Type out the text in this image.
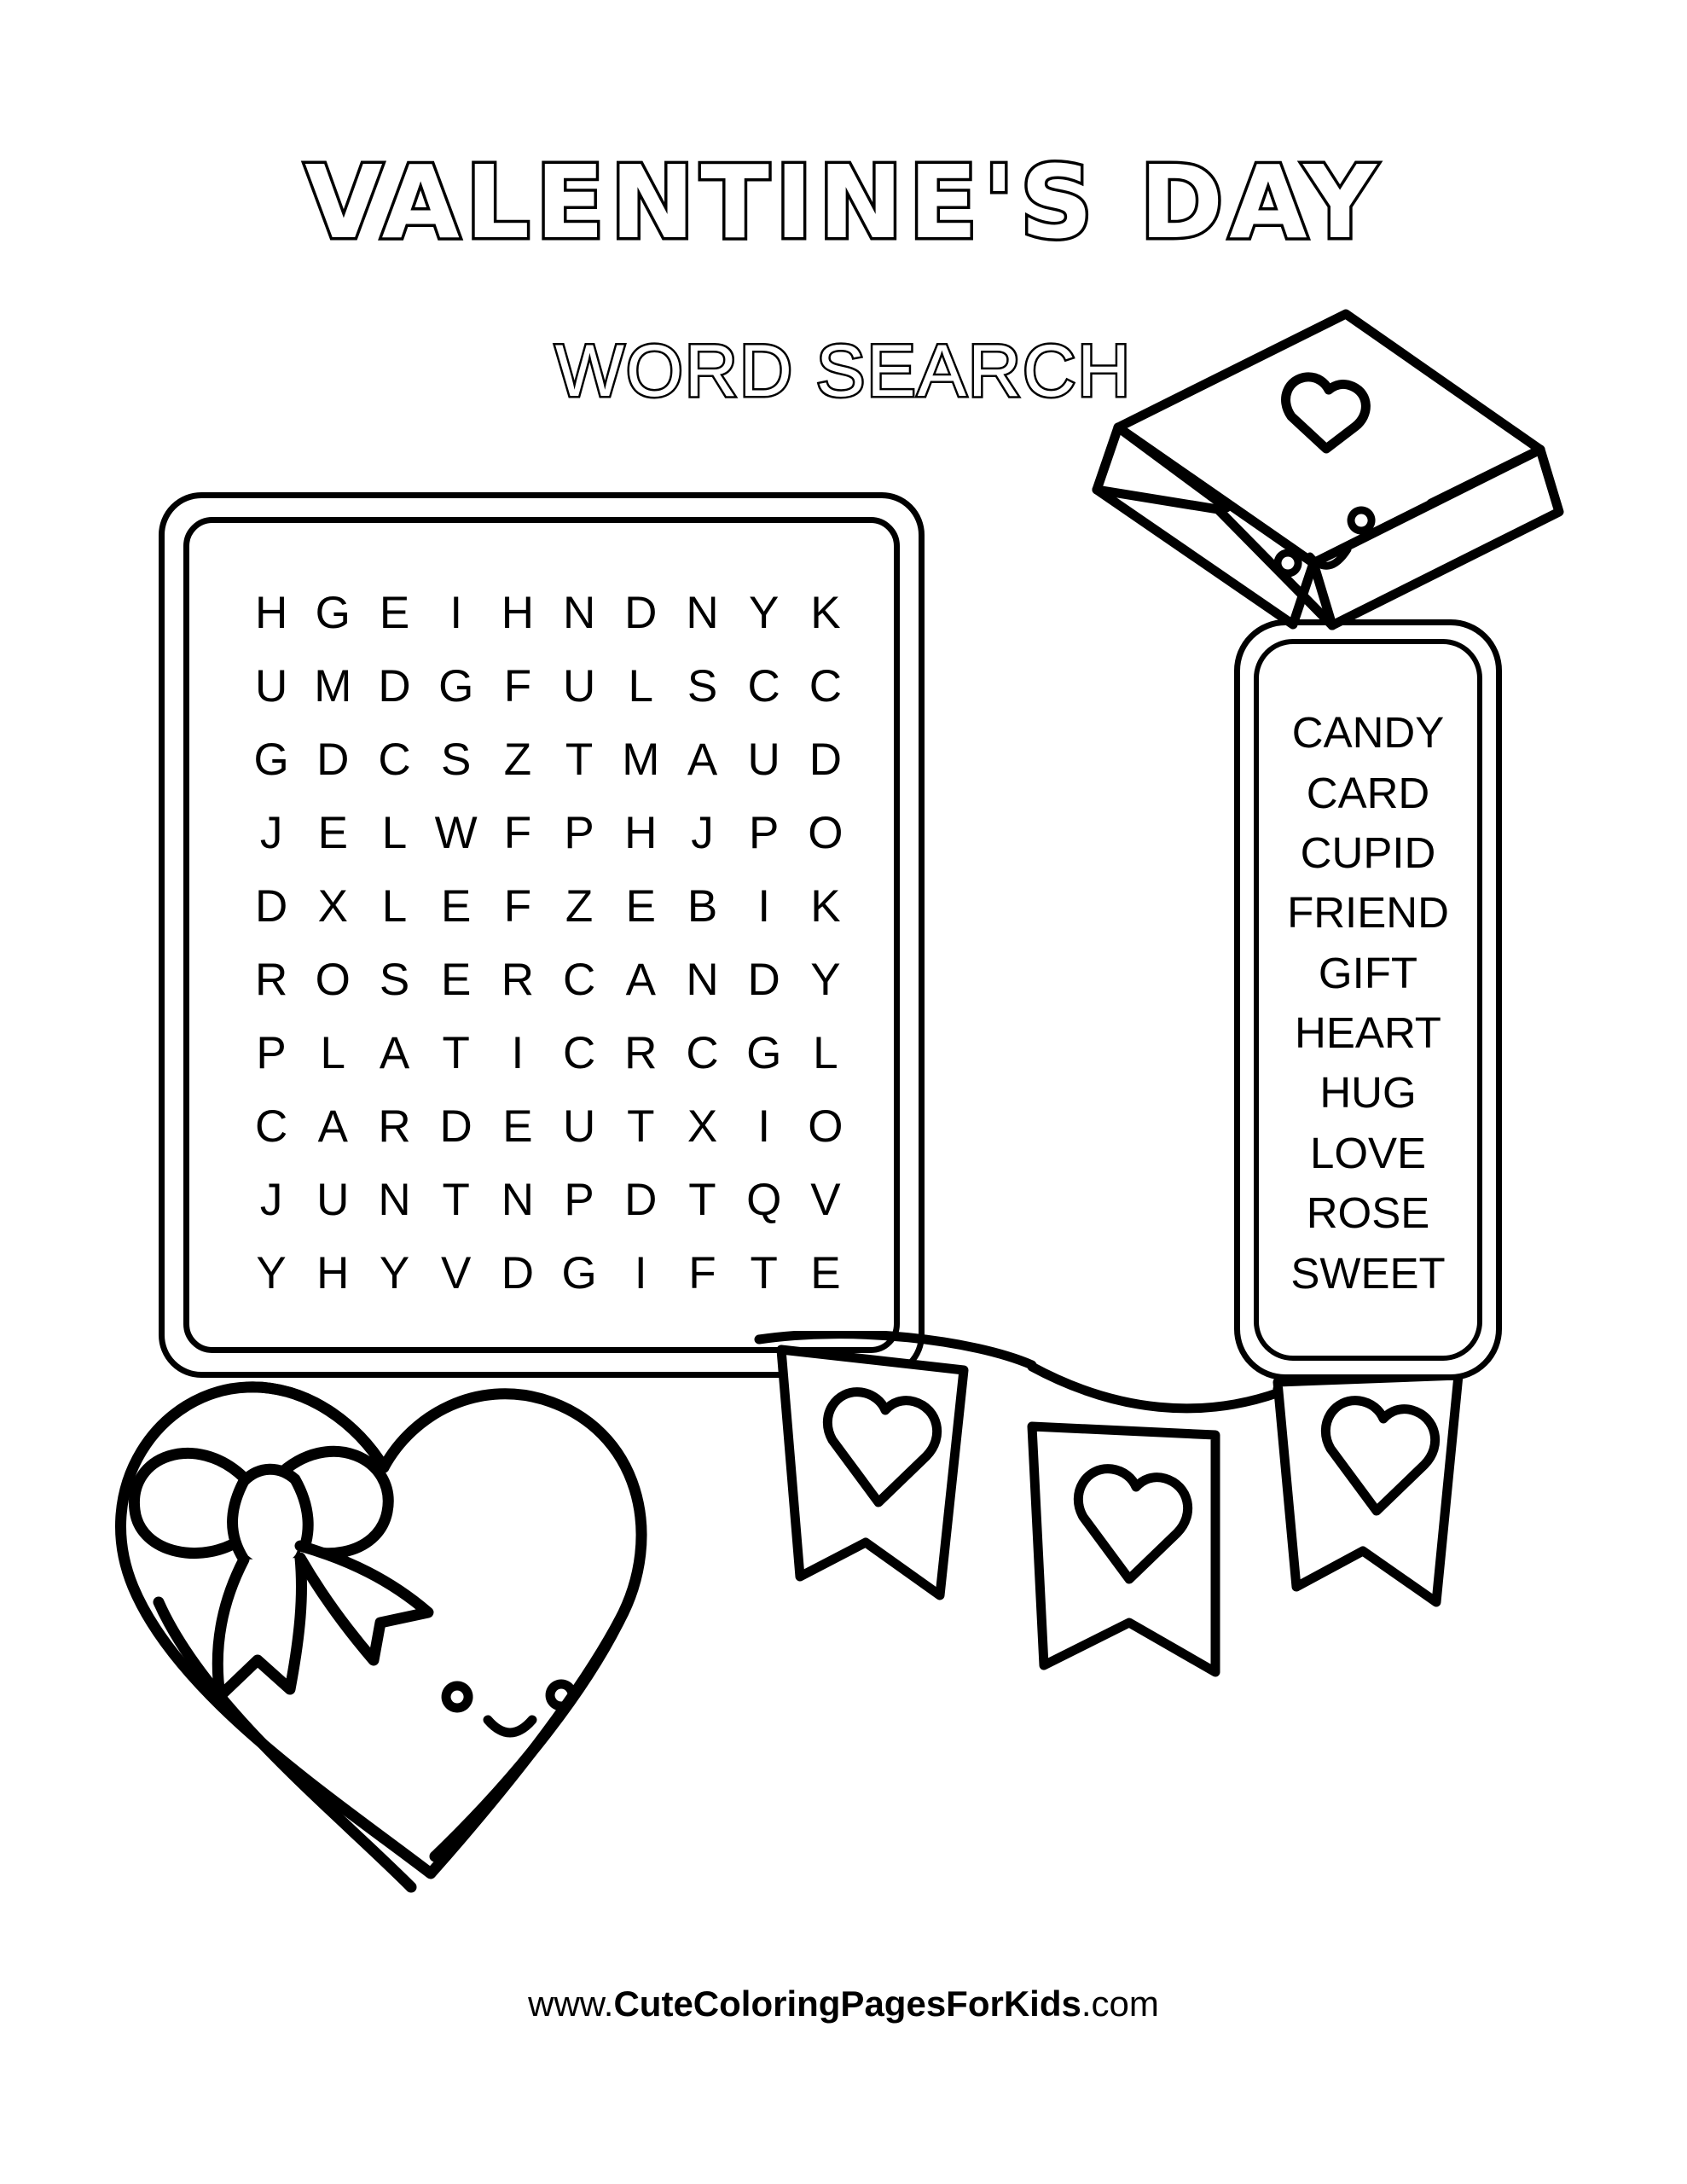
VALENTINE'S DAY
WORD SEARCH
H G E I H N D N Y K
U M D G F U L S C C
G D C S Z T M A U D
J E L W F P H J P O
D X L E F Z E B I K
R O S E R C A N D Y
P L A T I C R C G L
C A R D E U T X I O
J U N T N P D T Q V
Y H Y V D G I F T E
CANDY
CARD
CUPID
FRIEND
GIFT
HEART
HUG
LOVE
ROSE
SWEET
www.CuteColoringPagesForKids.com
